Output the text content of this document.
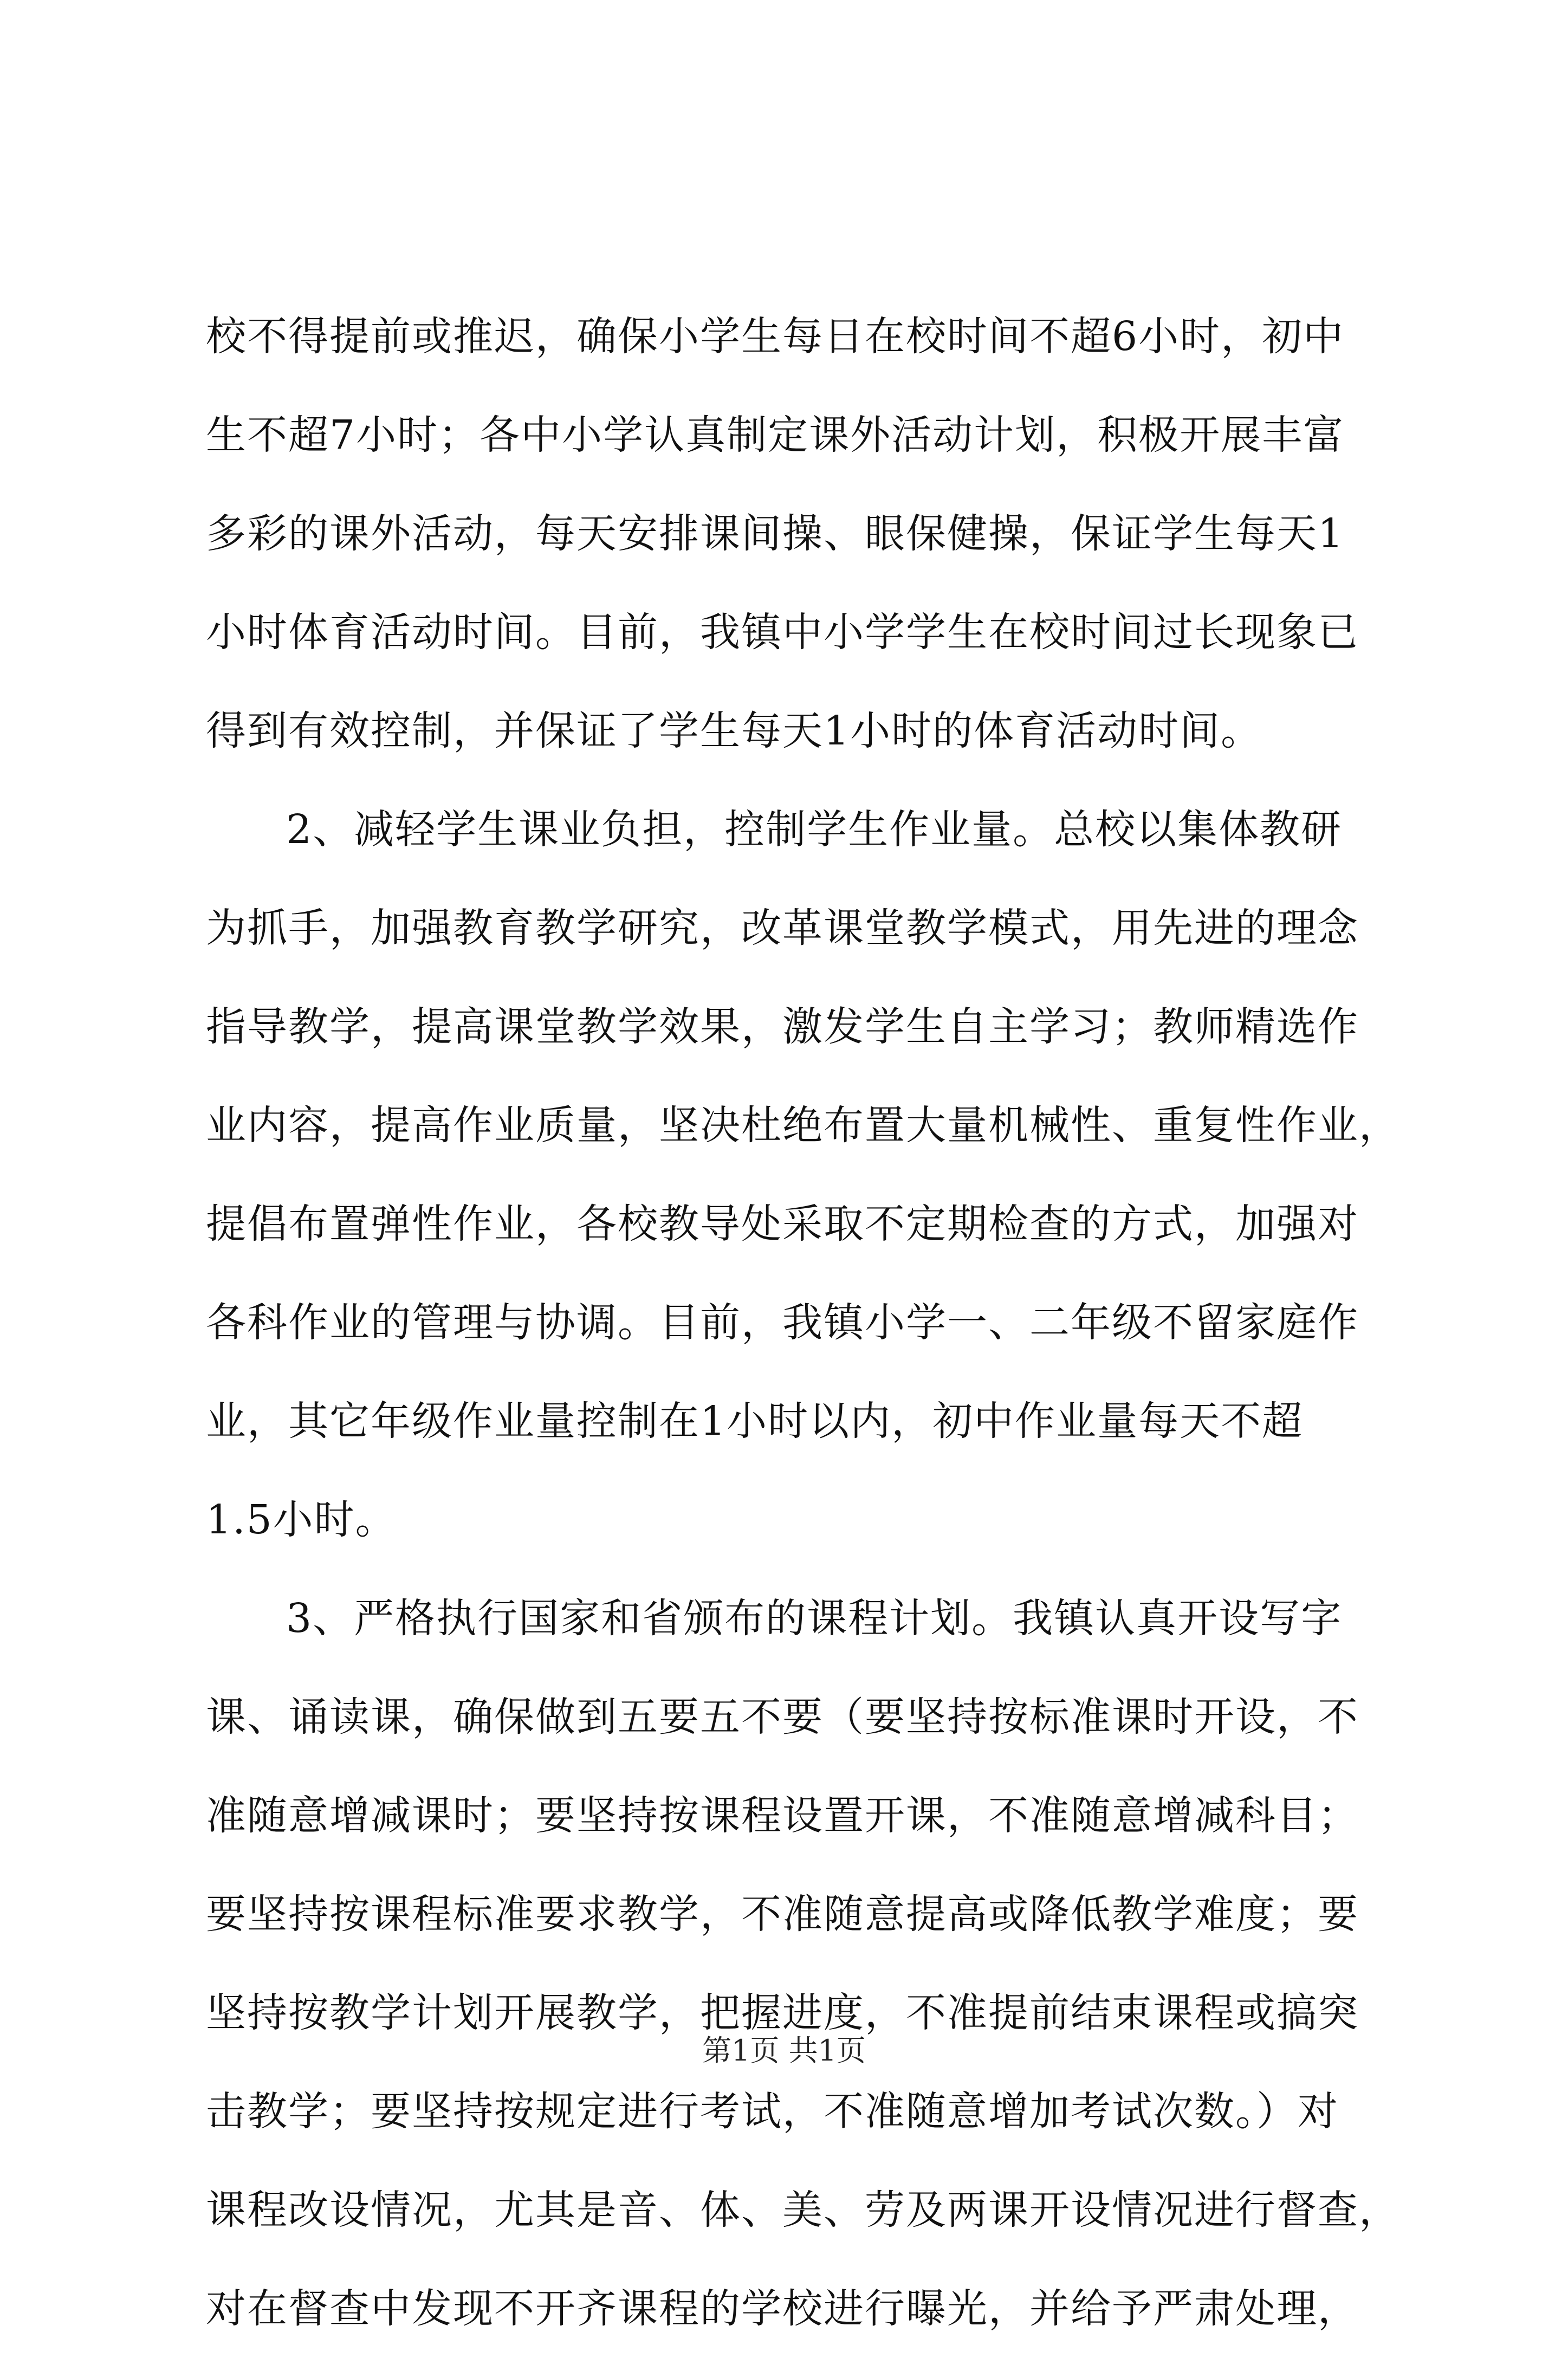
校不得提前或推迟，确保小学生每日在校时间不超6小时，初中
生不超7小时；各中小学认真制定课外活动计划，积极开展丰富
多彩的课外活动，每天安排课间操、眼保健操，保证学生每天1
小时体育活动时间。目前，我镇中小学学生在校时间过长现象已
得到有效控制，并保证了学生每天1小时的体育活动时间。
2、减轻学生课业负担，控制学生作业量。总校以集体教研
为抓手，加强教育教学研究，改革课堂教学模式，用先进的理念
指导教学，提高课堂教学效果，激发学生自主学习；教师精选作
业内容，提高作业质量，坚决杜绝布置大量机械性、重复性作业，
提倡布置弹性作业，各校教导处采取不定期检查的方式，加强对
各科作业的管理与协调。目前，我镇小学一、二年级不留家庭作
业，其它年级作业量控制在1小时以内，初中作业量每天不超
1.5小时。
3、严格执行国家和省颁布的课程计划。我镇认真开设写字
课、诵读课，确保做到五要五不要（要坚持按标准课时开设，不
准随意增减课时；要坚持按课程设置开课，不准随意增减科目；
要坚持按课程标准要求教学，不准随意提高或降低教学难度；要
坚持按教学计划开展教学，把握进度，不准提前结束课程或搞突
击教学；要坚持按规定进行考试，不准随意增加考试次数。）对
课程改设情况，尤其是音、体、美、劳及两课开设情况进行督查，
对在督查中发现不开齐课程的学校进行曝光，并给予严肃处理，
第1页 共1页
